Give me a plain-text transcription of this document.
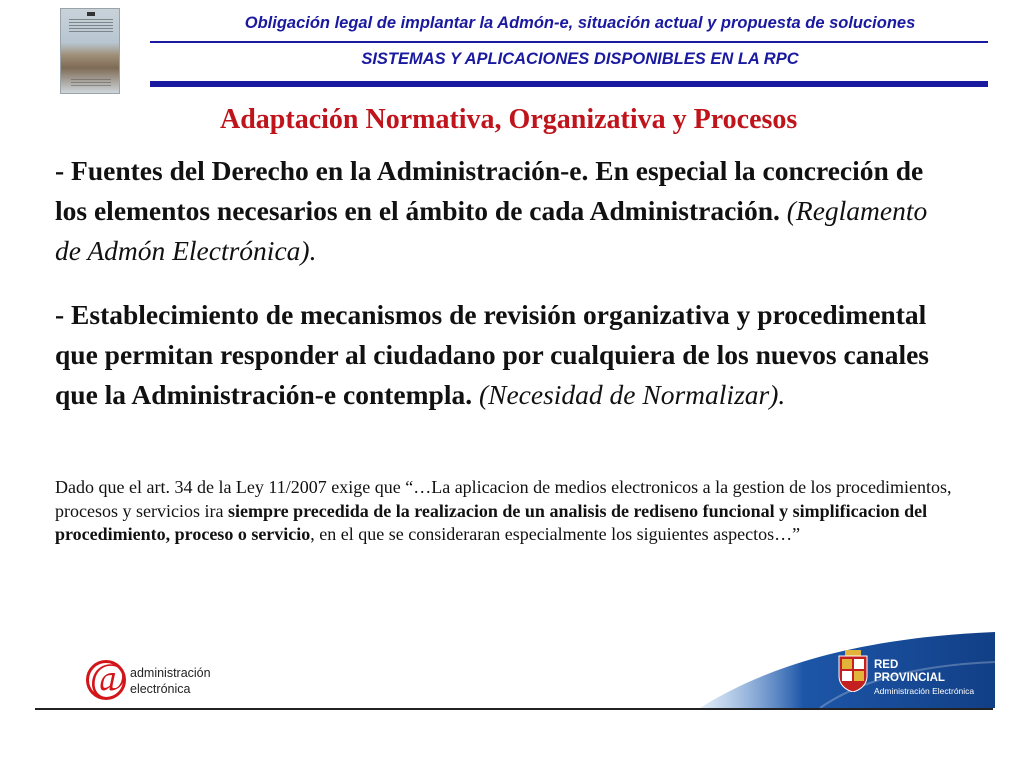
Obligación legal de implantar la Admón-e, situación actual y propuesta de soluciones
SISTEMAS Y APLICACIONES DISPONIBLES EN LA RPC
Adaptación Normativa, Organizativa y Procesos
- Fuentes del Derecho en la Administración-e. En especial la concreción de los elementos necesarios en el ámbito de cada Administración. (Reglamento de Admón Electrónica).
- Establecimiento de mecanismos de revisión organizativa y procedimental que permitan responder al ciudadano por cualquiera de los nuevos canales que la Administración-e contempla. (Necesidad de Normalizar).
Dado que el art. 34 de la Ley 11/2007 exige que “…La aplicacion de medios electronicos a la gestion de los procedimientos, procesos y servicios ira siempre precedida de la realizacion de un analisis de rediseno funcional y simplificacion del procedimiento, proceso o servicio, en el que se consideraran especialmente los siguientes aspectos…”
@ administración
electrónica
RED
PROVINCIAL
Administración Electrónica
